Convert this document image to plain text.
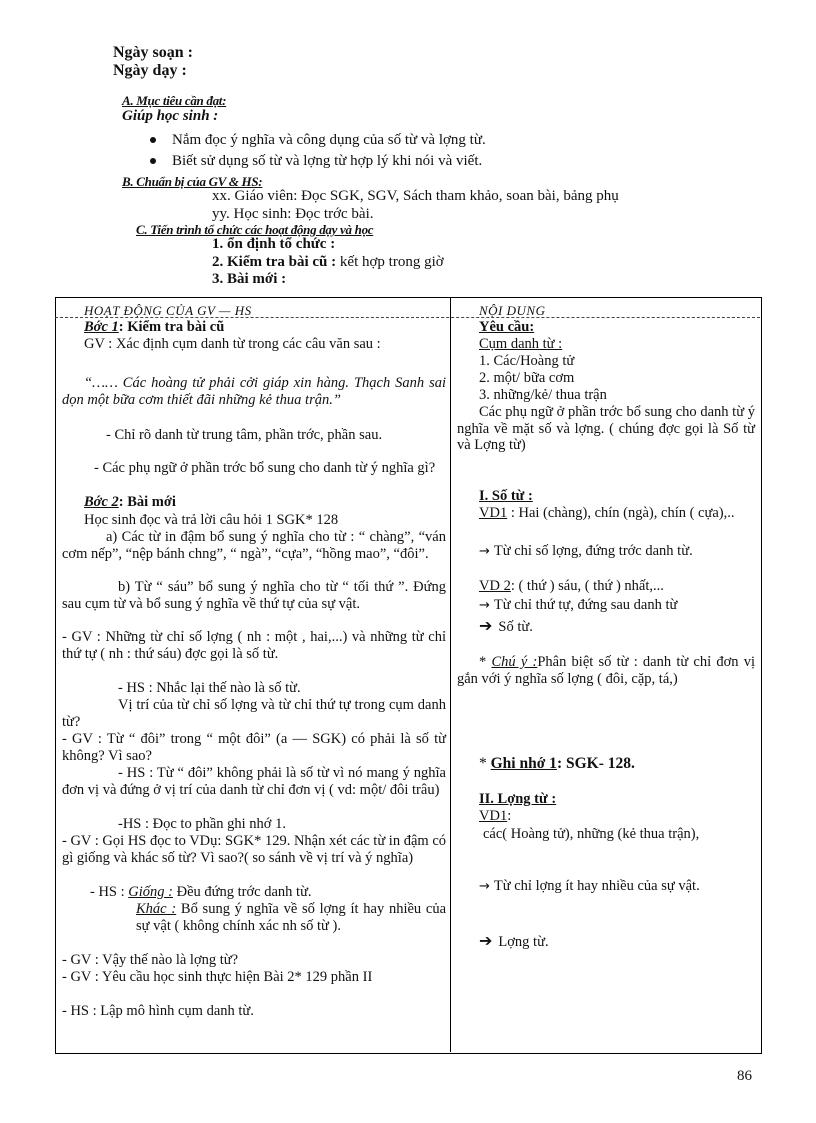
Ngày soạn :
Ngày dạy :
A. Mục tiêu cần đạt:
Giúp học sinh :
Nắm đọc ý nghĩa và công dụng của số từ và lợng từ.
Biết sử dụng số từ và lợng từ hợp lý khi nói và viết.
B. Chuẩn bị của GV & HS:
xx. Giáo viên: Đọc SGK, SGV, Sách tham khảo, soan bài, bảng phụ
yy. Học sinh: Đọc trớc bài.
C. Tiến trình tổ chức các hoạt động dạy và học
1. ổn định tổ chức :
2. Kiểm tra bài cũ : kết hợp trong giờ
3. Bài mới :
HOẠT ĐỘNG CỦA GV — HS	NỘI DUNG
Bớc 1: Kiểm tra bài cũ
GV : Xác định cụm danh từ trong các câu văn sau :
“…… Các hoàng tử phải cởi giáp xin hàng. Thạch Sanh sai dọn một bữa cơm thiết đãi những kẻ thua trận.”
- Chỉ rõ danh từ trung tâm, phần trớc, phần sau.
- Các phụ ngữ ở phần trớc bổ sung cho danh từ ý nghĩa gì?
Bớc 2: Bài mới
Học sinh đọc và trả lời câu hỏi 1 SGK* 128
a) Các từ in đậm bổ sung ý nghĩa cho từ : “ chàng”, “ván cơm nếp”, “nệp bánh chng”, “ ngà”, “cựa”, “hồng mao”, “đôi”.
b) Từ “ sáu” bổ sung ý nghĩa cho từ “ tối thứ ”. Đứng sau cụm từ và bổ sung ý nghĩa về thứ tự của sự vật.
- GV : Những từ chỉ số lợng ( nh : một , hai,...) và những từ chỉ thứ tự ( nh : thứ sáu) đợc gọi là số từ.
- HS : Nhắc lại thế nào là số từ.
Vị trí của từ chỉ số lợng và từ chỉ thứ tự trong cụm danh từ?
- GV : Từ “ đôi” trong “ một đôi” (a — SGK) có phải là số từ không? Vì sao?
- HS : Từ “ đôi” không phải là số từ vì nó mang ý nghĩa đơn vị và đứng ở vị trí của danh từ chỉ đơn vị ( vd: một/ đôi trâu)
-HS : Đọc to phần ghi nhớ 1.
- GV : Gọi HS đọc to VDụ: SGK* 129. Nhận xét các từ in đậm có gì giống và khác số từ? Vì sao?( so sánh về vị trí và ý nghĩa)
- HS : Giống : Đều đứng trớc danh từ.
Khác : Bổ sung ý nghĩa về số lợng ít hay nhiều của sự vật ( không chính xác nh số từ ).
- GV : Vậy thế nào là lợng từ?
- GV : Yêu cầu học sinh thực hiện Bài 2* 129 phần II
- HS : Lập mô hình cụm danh từ.
Yêu cầu:
Cụm danh từ :
1. Các/Hoàng tử
2. một/ bữa cơm
3. những/kẻ/ thua trận
Các phụ ngữ ở phần trớc bổ sung cho danh từ ý nghĩa về mặt số và lợng. ( chúng đợc gọi là Số từ và Lợng từ)
I. Số từ :
VD1 : Hai (chàng), chín (ngà), chín ( cựa),..
→ Từ chỉ số lợng, đứng trớc danh từ.
VD 2: ( thứ ) sáu, ( thứ ) nhất,...
→ Từ chỉ thứ tự, đứng sau danh từ
➔ Số từ.
* Chú ý :Phân biệt số từ : danh từ chỉ đơn vị gắn với ý nghĩa số lợng ( đôi, cặp, tá,)
* Ghi nhớ 1: SGK- 128.
II. Lợng từ :
VD1:
các( Hoàng tử), những (kẻ thua trận),
→ Từ chỉ lợng ít hay nhiều của sự vật.
➔ Lợng từ.
86
